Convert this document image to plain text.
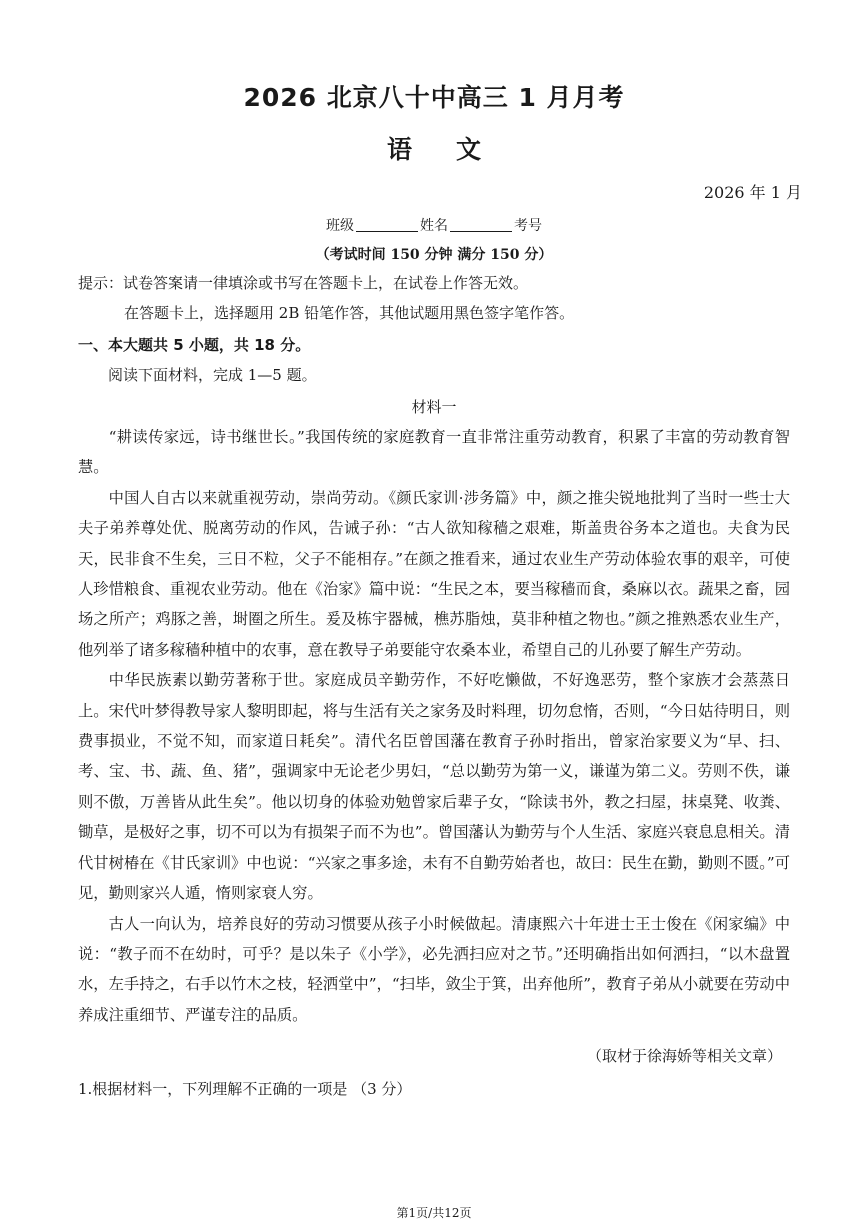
2026 北京八十中高三 1 月月考
语文
2026 年 1 月
班级	姓名	考号
（考试时间 150 分钟 满分 150 分）
提示：试卷答案请一律填涂或书写在答题卡上，在试卷上作答无效。
在答题卡上，选择题用 2B 铅笔作答，其他试题用黑色签字笔作答。
一、本大题共 5 小题，共 18 分。
阅读下面材料，完成 1—5 题。
材料一

“耕读传家远，诗书继世长。”我国传统的家庭教育一直非常注重劳动教育，积累了丰富的劳动教育智慧。

中国人自古以来就重视劳动，崇尚劳动。《颜氏家训·涉务篇》中，颜之推尖锐地批判了当时一些士大夫子弟养尊处优、脱离劳动的作风，告诫子孙：“古人欲知稼穑之艰难，斯盖贵谷务本之道也。夫食为民天，民非食不生矣，三日不粒，父子不能相存。”在颜之推看来，通过农业生产劳动体验农事的艰辛，可使人珍惜粮食、重视农业劳动。他在《治家》篇中说：“生民之本，要当稼穑而食，桑麻以衣。蔬果之畜，园场之所产；鸡豚之善，埘圈之所生。爰及栋宇器械，樵苏脂烛，莫非种植之物也。”颜之推熟悉农业生产，他列举了诸多稼穑种植中的农事，意在教导子弟要能守农桑本业，希望自己的儿孙要了解生产劳动。

中华民族素以勤劳著称于世。家庭成员辛勤劳作，不好吃懒做，不好逸恶劳，整个家族才会蒸蒸日上。宋代叶梦得教导家人黎明即起，将与生活有关之家务及时料理，切勿怠惰，否则，“今日姑待明日，则费事损业，不觉不知，而家道日耗矣”。清代名臣曾国藩在教育子孙时指出，曾家治家要义为“早、扫、考、宝、书、蔬、鱼、猪”，强调家中无论老少男妇，“总以勤劳为第一义，谦谨为第二义。劳则不佚，谦则不傲，万善皆从此生矣”。他以切身的体验劝勉曾家后辈子女，“除读书外，教之扫屋，抹桌凳、收粪、锄草，是极好之事，切不可以为有损架子而不为也”。曾国藩认为勤劳与个人生活、家庭兴衰息息相关。清代甘树椿在《甘氏家训》中也说：“兴家之事多途，未有不自勤劳始者也，故曰：民生在勤，勤则不匮。”可见，勤则家兴人遁，惰则家衰人穷。

古人一向认为，培养良好的劳动习惯要从孩子小时候做起。清康熙六十年进士王士俊在《闲家编》中说：“教子而不在幼时，可乎？是以朱子《小学》，必先洒扫应对之节。”还明确指出如何洒扫，“以木盘置水，左手持之，右手以竹木之枝，轻洒堂中”，“扫毕，敛尘于箕，出弃他所”，教育子弟从小就要在劳动中养成注重细节、严谨专注的品质。

（取材于徐海娇等相关文章）
1.根据材料一，下列理解不正确的一项是 （3 分）
第1页/共12页
